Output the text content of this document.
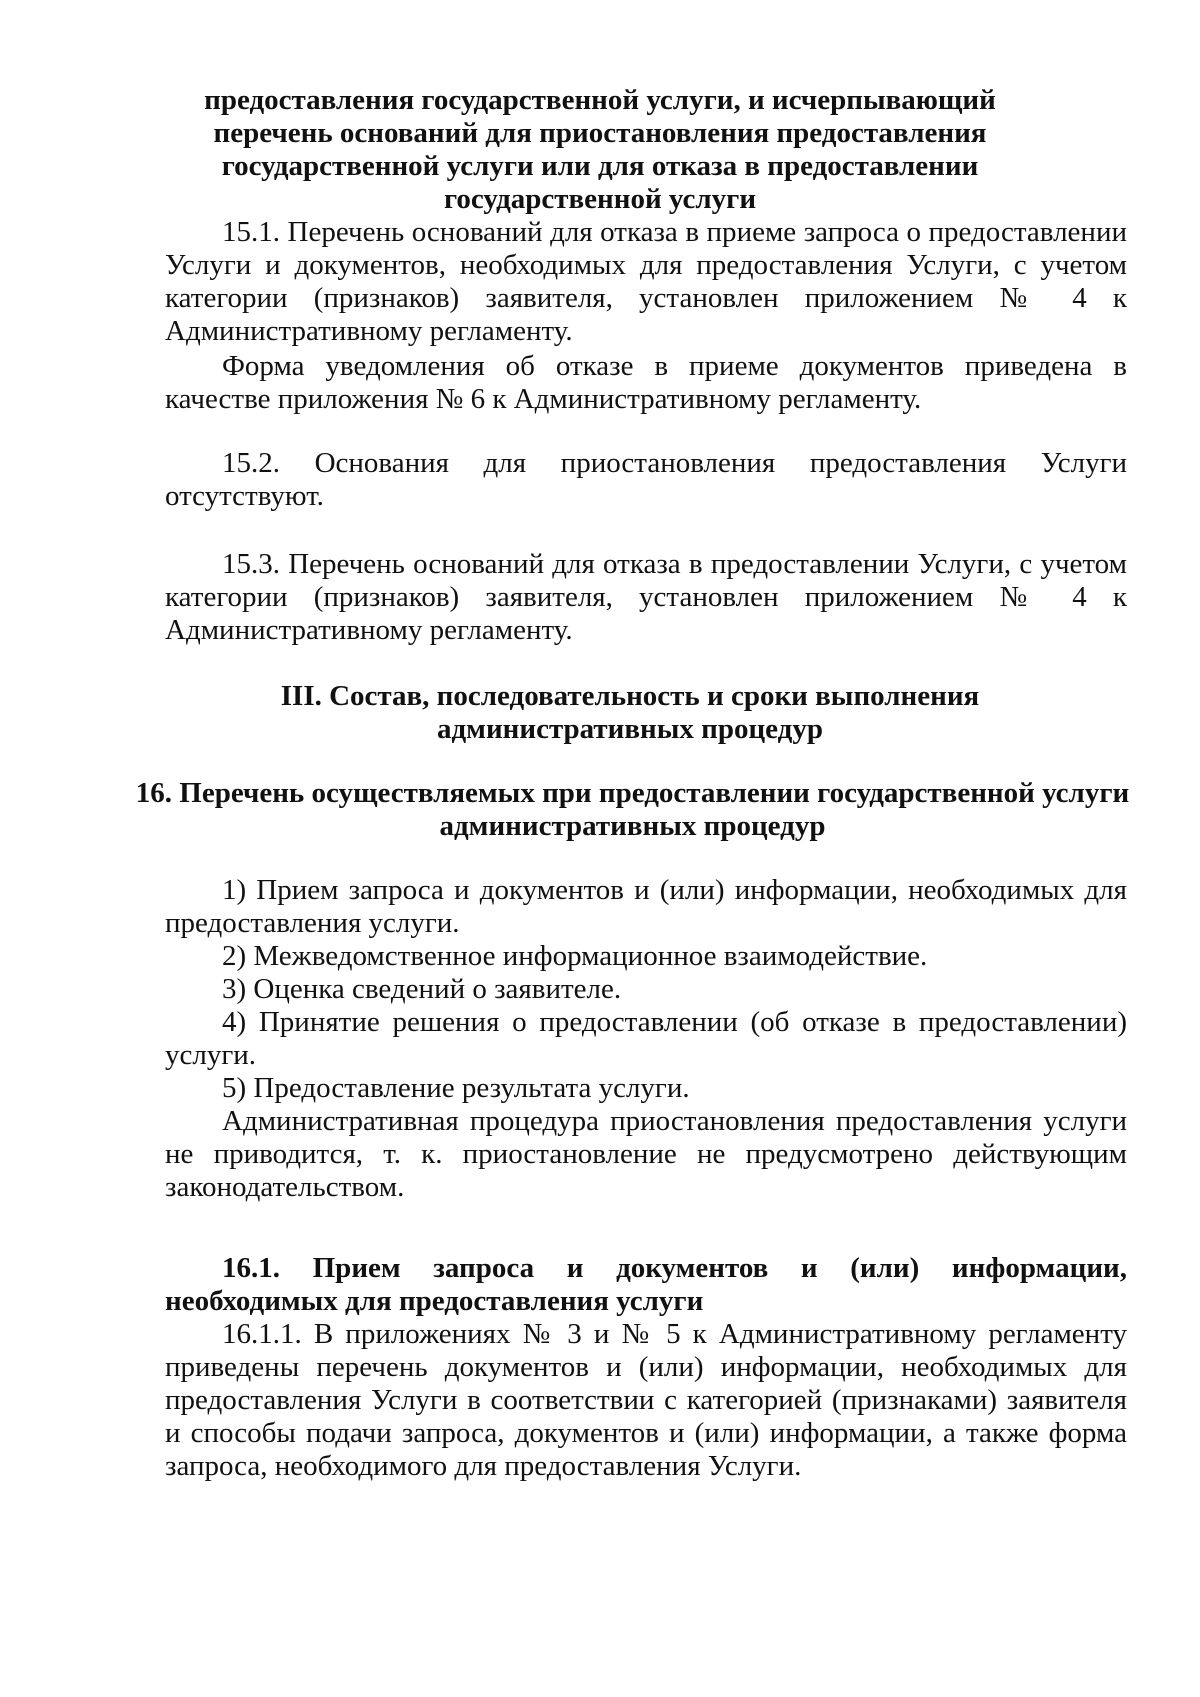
предоставления государственной услуги, и исчерпывающий перечень оснований для приостановления предоставления государственной услуги или для отказа в предоставлении государственной услуги

15.1. Перечень оснований для отказа в приеме запроса о предоставлении Услуги и документов, необходимых для предоставления Услуги, с учетом категории (признаков) заявителя, установлен приложением № 4 к Административному регламенту.

Форма уведомления об отказе в приеме документов приведена в качестве приложения № 6 к Административному регламенту.

15.2. Основания для приостановления предоставления Услуги отсутствуют.

15.3. Перечень оснований для отказа в предоставлении Услуги, с учетом категории (признаков) заявителя, установлен приложением № 4 к Административному регламенту.

III. Состав, последовательность и сроки выполнения административных процедур

16. Перечень осуществляемых при предоставлении государственной услуги административных процедур

1) Прием запроса и документов и (или) информации, необходимых для предоставления услуги.

2) Межведомственное информационное взаимодействие.

3) Оценка сведений о заявителе.

4) Принятие решения о предоставлении (об отказе в предоставлении) услуги.

5) Предоставление результата услуги.

Административная процедура приостановления предоставления услуги не приводится, т. к. приостановление не предусмотрено действующим законодательством.

16.1. Прием запроса и документов и (или) информации, необходимых для предоставления услуги

16.1.1. В приложениях № 3 и № 5 к Административному регламенту приведены перечень документов и (или) информации, необходимых для предоставления Услуги в соответствии с категорией (признаками) заявителя и способы подачи запроса, документов и (или) информации, а также форма запроса, необходимого для предоставления Услуги.
